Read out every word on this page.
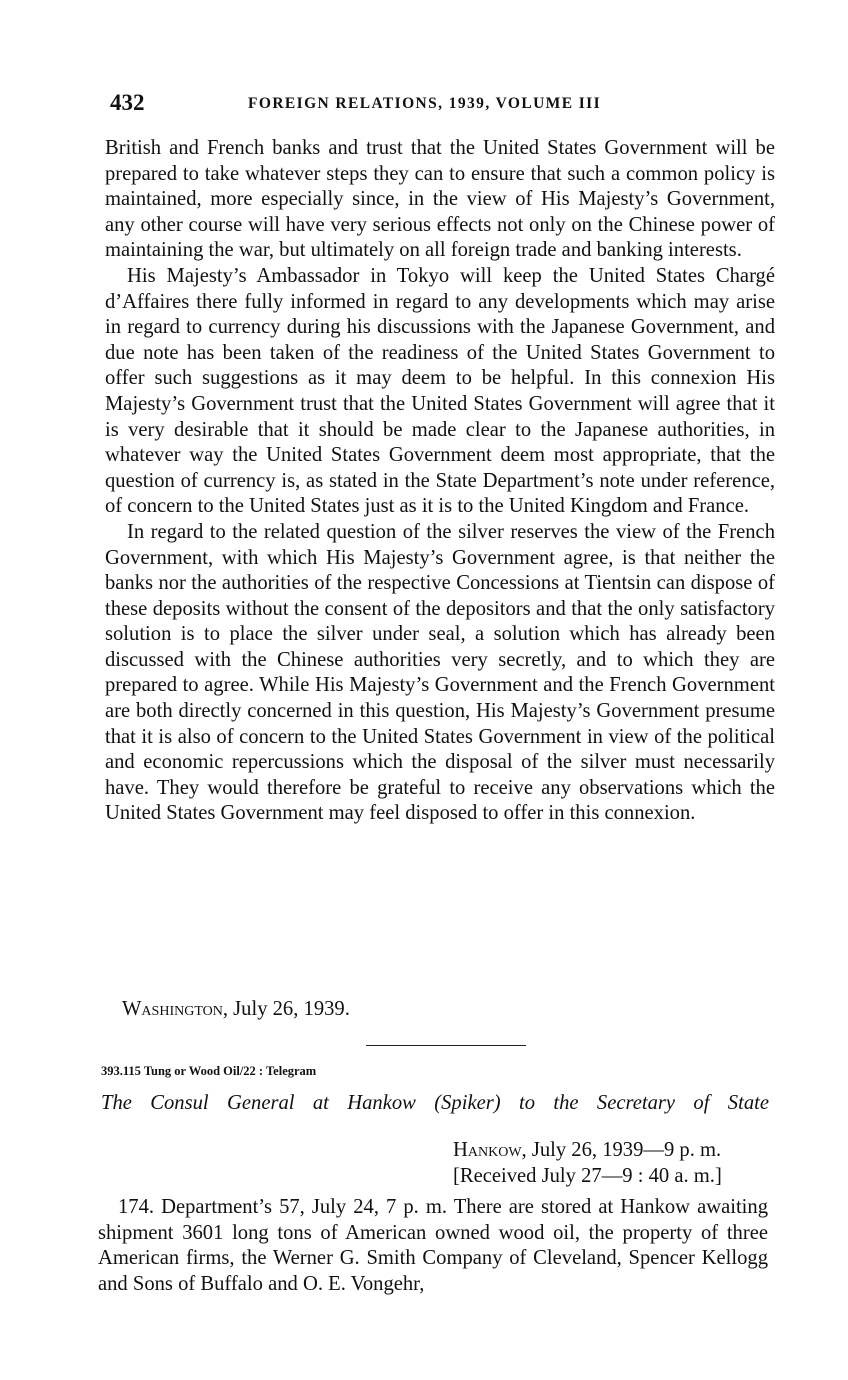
432	FOREIGN RELATIONS, 1939, VOLUME III

British and French banks and trust that the United States Government will be prepared to take whatever steps they can to ensure that such a common policy is maintained, more especially since, in the view of His Majesty’s Government, any other course will have very serious effects not only on the Chinese power of maintaining the war, but ultimately on all foreign trade and banking interests.

His Majesty’s Ambassador in Tokyo will keep the United States Chargé d’Affaires there fully informed in regard to any developments which may arise in regard to currency during his discussions with the Japanese Government, and due note has been taken of the readiness of the United States Government to offer such suggestions as it may deem to be helpful. In this connexion His Majesty’s Government trust that the United States Government will agree that it is very desirable that it should be made clear to the Japanese authorities, in whatever way the United States Government deem most appropriate, that the question of currency is, as stated in the State Department’s note under reference, of concern to the United States just as it is to the United Kingdom and France.

In regard to the related question of the silver reserves the view of the French Government, with which His Majesty’s Government agree, is that neither the banks nor the authorities of the respective Concessions at Tientsin can dispose of these deposits without the consent of the depositors and that the only satisfactory solution is to place the silver under seal, a solution which has already been discussed with the Chinese authorities very secretly, and to which they are prepared to agree. While His Majesty’s Government and the French Government are both directly concerned in this question, His Majesty’s Government presume that it is also of concern to the United States Government in view of the political and economic repercussions which the disposal of the silver must necessarily have. They would therefore be grateful to receive any observations which the United States Government may feel disposed to offer in this connexion.

Washington, July 26, 1939.
393.115 Tung or Wood Oil/22 : Telegram
The Consul General at Hankow (Spiker) to the Secretary of State
Hankow, July 26, 1939—9 p. m.
[Received July 27—9 : 40 a. m.]

174. Department’s 57, July 24, 7 p. m. There are stored at Hankow awaiting shipment 3601 long tons of American owned wood oil, the property of three American firms, the Werner G. Smith Company of Cleveland, Spencer Kellogg and Sons of Buffalo and O. E. Vongehr,
